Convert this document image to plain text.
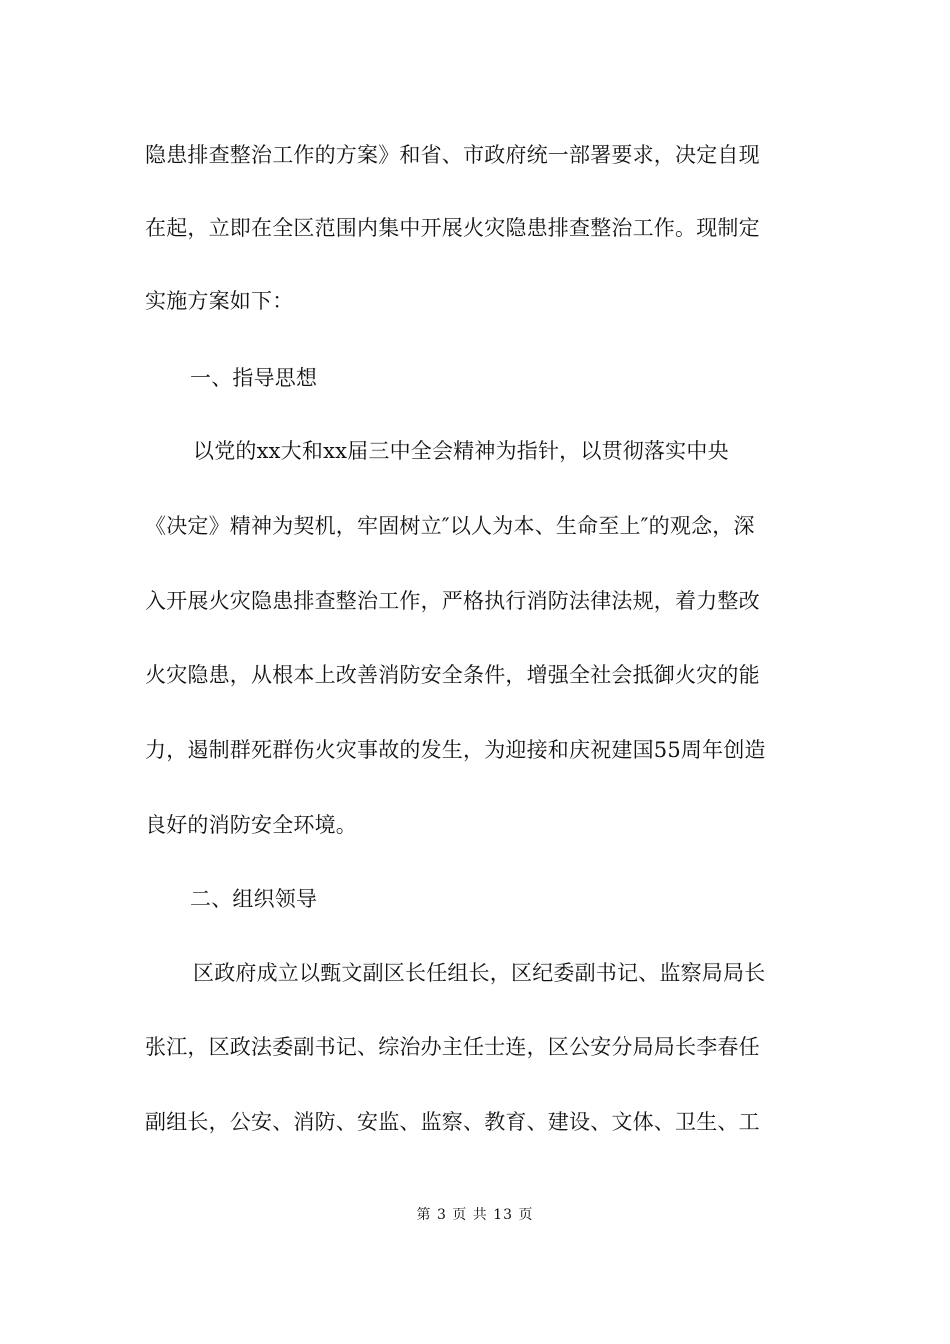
隐患排查整治工作的方案》和省、市政府统一部署要求，决定自现
在起，立即在全区范围内集中开展火灾隐患排查整治工作。现制定
实施方案如下：
一、指导思想
以党的xx大和xx届三中全会精神为指针，以贯彻落实中央
《决定》精神为契机，牢固树立″以人为本、生命至上″的观念，深
入开展火灾隐患排查整治工作，严格执行消防法律法规，着力整改
火灾隐患，从根本上改善消防安全条件，增强全社会抵御火灾的能
力，遏制群死群伤火灾事故的发生，为迎接和庆祝建国55周年创造
良好的消防安全环境。
二、组织领导
区政府成立以甄文副区长任组长，区纪委副书记、监察局局长
张江，区政法委副书记、综治办主任士连，区公安分局局长李春任
副组长，公安、消防、安监、监察、教育、建设、文体、卫生、工
第 3 页 共 13 页
